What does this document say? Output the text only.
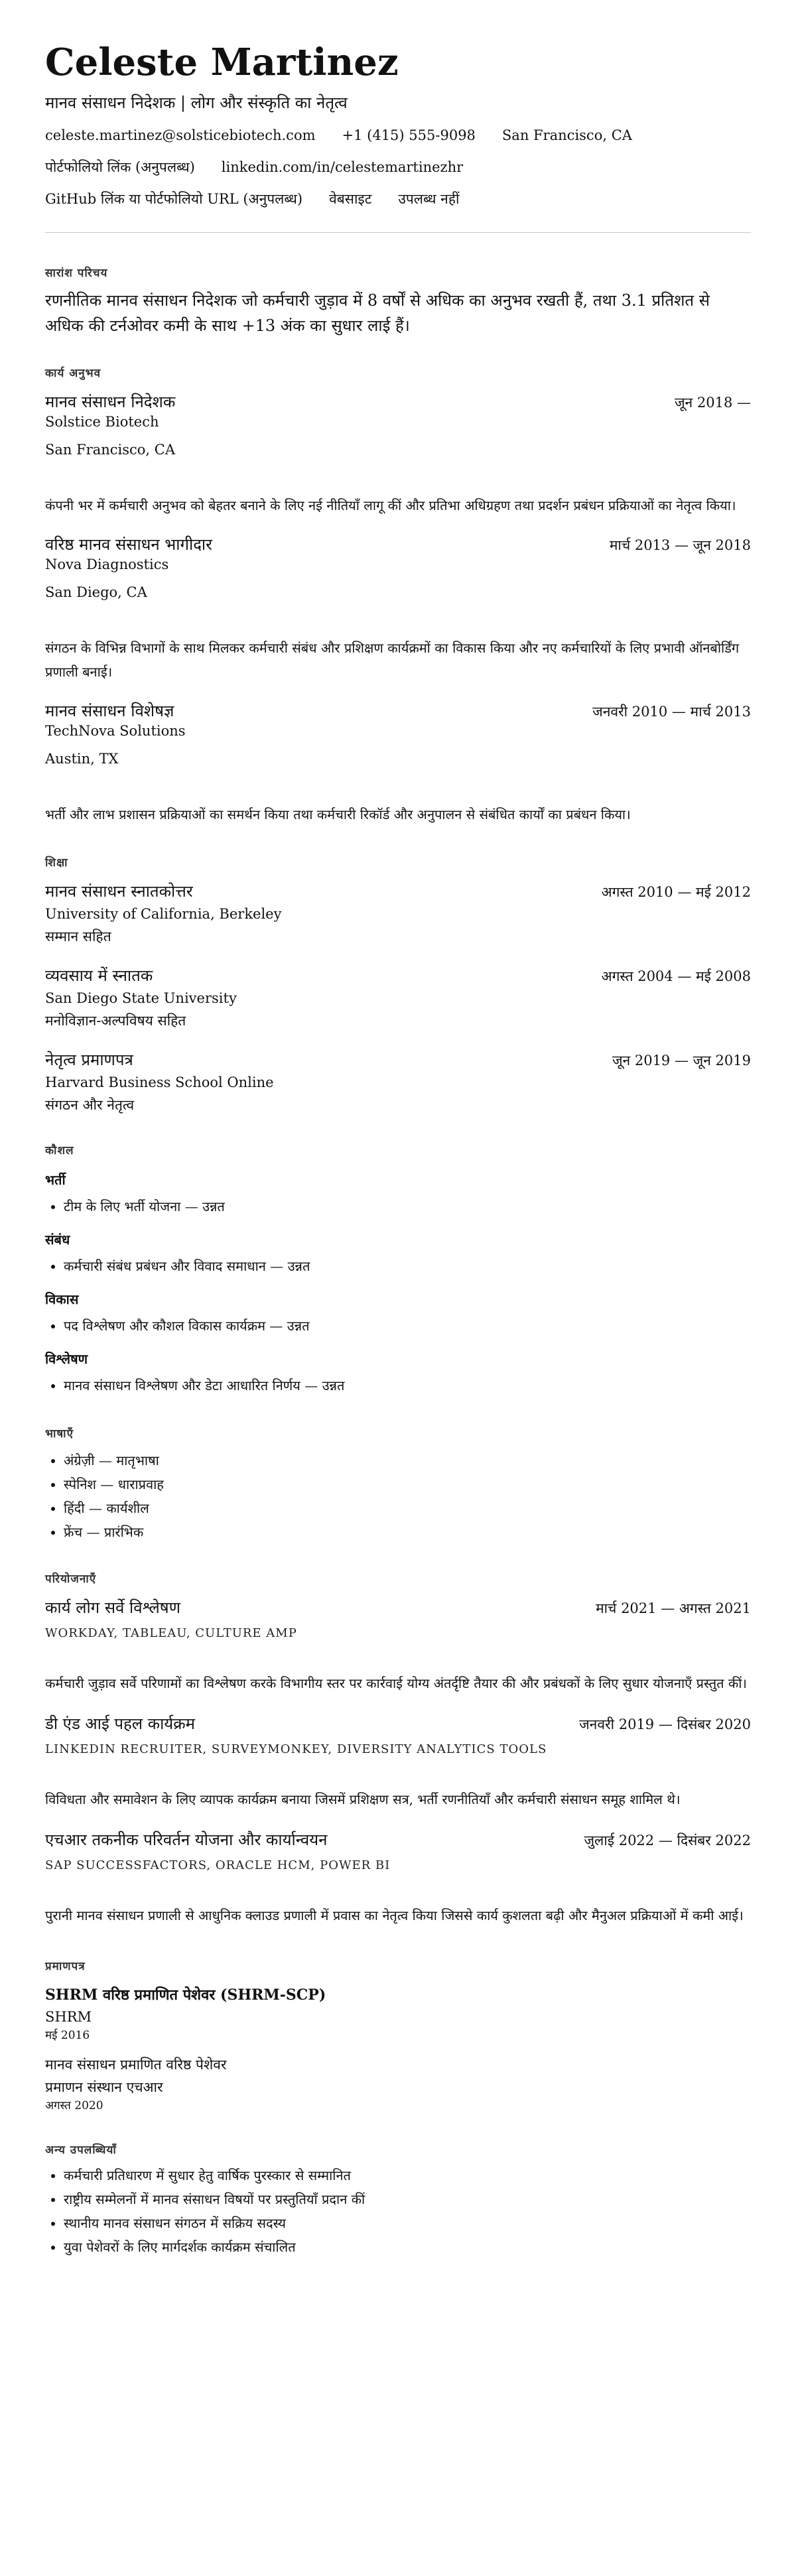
Celeste Martinez
मानव संसाधन निदेशक | लोग और संस्कृति का नेतृत्व
celeste.martinez@solsticebiotech.com +1 (415) 555-9098 San Francisco, CA
पोर्टफोलियो लिंक (अनुपलब्ध) linkedin.com/in/celestemartinezhr
GitHub लिंक या पोर्टफोलियो URL (अनुपलब्ध) वेबसाइट उपलब्ध नहीं
सारांश परिचय
रणनीतिक मानव संसाधन निदेशक जो कर्मचारी जुड़ाव में 8 वर्षों से अधिक का अनुभव रखती हैं, तथा 3.1 प्रतिशत से अधिक की टर्नओवर कमी के साथ +13 अंक का सुधार लाई हैं।
कार्य अनुभव
मानव संसाधन निदेशक	जून 2018 —
Solstice Biotech
San Francisco, CA
कंपनी भर में कर्मचारी अनुभव को बेहतर बनाने के लिए नई नीतियाँ लागू कीं और प्रतिभा अधिग्रहण तथा प्रदर्शन प्रबंधन प्रक्रियाओं का नेतृत्व किया।
वरिष्ठ मानव संसाधन भागीदार	मार्च 2013 — जून 2018
Nova Diagnostics
San Diego, CA
संगठन के विभिन्न विभागों के साथ मिलकर कर्मचारी संबंध और प्रशिक्षण कार्यक्रमों का विकास किया और नए कर्मचारियों के लिए प्रभावी ऑनबोर्डिंग प्रणाली बनाई।
मानव संसाधन विशेषज्ञ	जनवरी 2010 — मार्च 2013
TechNova Solutions
Austin, TX
भर्ती और लाभ प्रशासन प्रक्रियाओं का समर्थन किया तथा कर्मचारी रिकॉर्ड और अनुपालन से संबंधित कार्यों का प्रबंधन किया।
शिक्षा
मानव संसाधन स्नातकोत्तर	अगस्त 2010 — मई 2012
University of California, Berkeley
सम्मान सहित
व्यवसाय में स्नातक	अगस्त 2004 — मई 2008
San Diego State University
मनोविज्ञान-अल्पविषय सहित
नेतृत्व प्रमाणपत्र	जून 2019 — जून 2019
Harvard Business School Online
संगठन और नेतृत्व
कौशल
भर्ती
• टीम के लिए भर्ती योजना — उन्नत
संबंध
• कर्मचारी संबंध प्रबंधन और विवाद समाधान — उन्नत
विकास
• पद विश्लेषण और कौशल विकास कार्यक्रम — उन्नत
विश्लेषण
• मानव संसाधन विश्लेषण और डेटा आधारित निर्णय — उन्नत
भाषाएँ
• अंग्रेज़ी — मातृभाषा
• स्पेनिश — धाराप्रवाह
• हिंदी — कार्यशील
• फ्रेंच — प्रारंभिक
परियोजनाएँ
कार्य लोग सर्वे विश्लेषण	मार्च 2021 — अगस्त 2021
WORKDAY, TABLEAU, CULTURE AMP
कर्मचारी जुड़ाव सर्वे परिणामों का विश्लेषण करके विभागीय स्तर पर कार्रवाई योग्य अंतर्दृष्टि तैयार की और प्रबंधकों के लिए सुधार योजनाएँ प्रस्तुत कीं।
डी एंड आई पहल कार्यक्रम	जनवरी 2019 — दिसंबर 2020
LINKEDIN RECRUITER, SURVEYMONKEY, DIVERSITY ANALYTICS TOOLS
विविधता और समावेशन के लिए व्यापक कार्यक्रम बनाया जिसमें प्रशिक्षण सत्र, भर्ती रणनीतियाँ और कर्मचारी संसाधन समूह शामिल थे।
एचआर तकनीक परिवर्तन योजना और कार्यान्वयन	जुलाई 2022 — दिसंबर 2022
SAP SUCCESSFACTORS, ORACLE HCM, POWER BI
पुरानी मानव संसाधन प्रणाली से आधुनिक क्लाउड प्रणाली में प्रवास का नेतृत्व किया जिससे कार्य कुशलता बढ़ी और मैनुअल प्रक्रियाओं में कमी आई।
प्रमाणपत्र
SHRM वरिष्ठ प्रमाणित पेशेवर (SHRM-SCP)
SHRM
मई 2016
मानव संसाधन प्रमाणित वरिष्ठ पेशेवर
प्रमाणन संस्थान एचआर
अगस्त 2020
अन्य उपलब्धियाँ
• कर्मचारी प्रतिधारण में सुधार हेतु वार्षिक पुरस्कार से सम्मानित
• राष्ट्रीय सम्मेलनों में मानव संसाधन विषयों पर प्रस्तुतियाँ प्रदान कीं
• स्थानीय मानव संसाधन संगठन में सक्रिय सदस्य
• युवा पेशेवरों के लिए मार्गदर्शक कार्यक्रम संचालित
